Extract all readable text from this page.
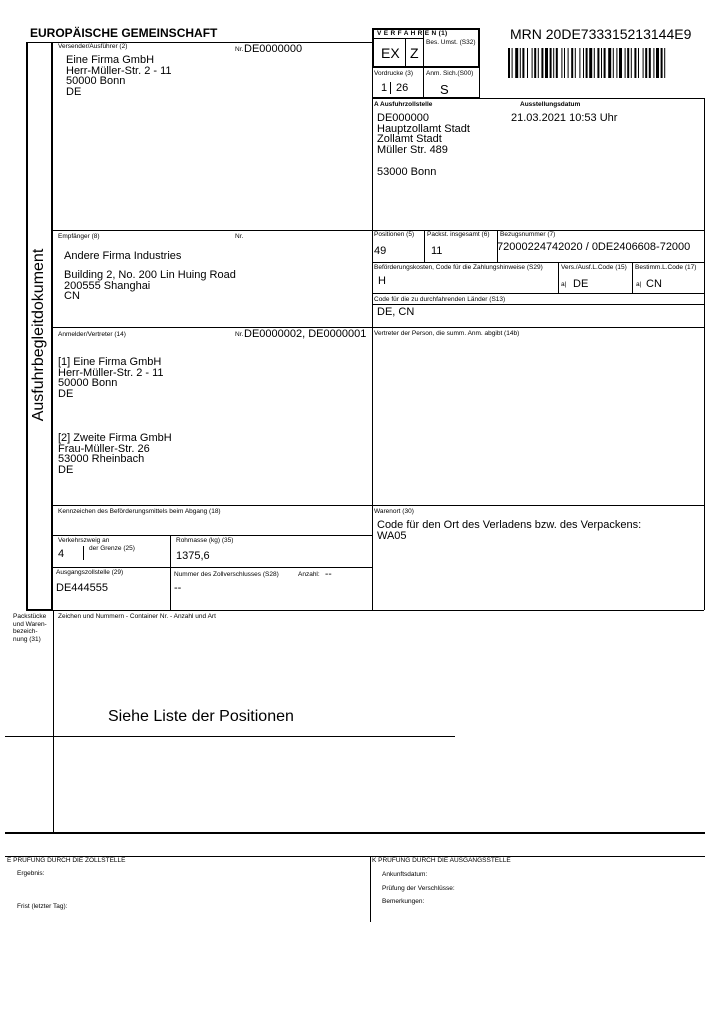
EUROPÄISCHE GEMEINSCHAFT	MRN 20DE733315213144E9
V E R F A H R E N (1)
EX Z
Bes. Umst. (S32)
Vordrucke (3)
1 26
Anm. Sich.(S00)
S
Ausfuhrbegleitdokument
Versender/Ausführer (2)	Nr. DE0000000
Eine Firma GmbH
Herr-Müller-Str. 2 - 11
50000 Bonn
DE
A Ausfuhrzollstelle	Ausstellungsdatum
21.03.2021 10:53 Uhr
DE000000
Hauptzollamt Stadt
Zollamt Stadt
Müller Str. 489
53000 Bonn
Empfänger (8)	Nr.
Andere Firma Industries
Building 2, No. 200 Lin Huing Road
200555 Shanghai
CN
Positionen (5)
49
Packst. insgesamt (6)
11
Bezugsnummer (7)
72000224742020 / 0DE2406608-72000
Beförderungskosten, Code für die Zahlungshinweise (S29)
H
Vers./Ausf.L.Code (15)
a| DE
Bestimm.L.Code (17)
a| CN
Code für die zu durchfahrenden Länder (S13)
DE, CN
Anmelder/Vertreter (14)	Nr. DE0000002, DE0000001
[1] Eine Firma GmbH
Herr-Müller-Str. 2 - 11
50000 Bonn
DE
[2] Zweite Firma GmbH
Frau-Müller-Str. 26
53000 Rheinbach
DE
Vertreter der Person, die summ. Anm. abgibt (14b)
Kennzeichen des Beförderungsmittels beim Abgang (18)	Warenort (30)
Code für den Ort des Verladens bzw. des Verpackens:
WA05
Verkehrszweig an
der Grenze (25)
4
Rohmasse (kg) (35)
1375,6
Ausgangszollstelle (29)
DE444555
Nummer des Zollverschlusses (S28)	Anzahl: --
--
Packstücke
und Waren-
bezeich-
nung (31)
Zeichen und Nummern - Container Nr. - Anzahl und Art
Siehe Liste der Positionen
E PRÜFUNG DURCH DIE ZOLLSTELLE
Ergebnis:
Frist (letzter Tag):
K PRÜFUNG DURCH DIE AUSGANGSSTELLE
Ankunftsdatum:
Prüfung der Verschlüsse:
Bemerkungen:
